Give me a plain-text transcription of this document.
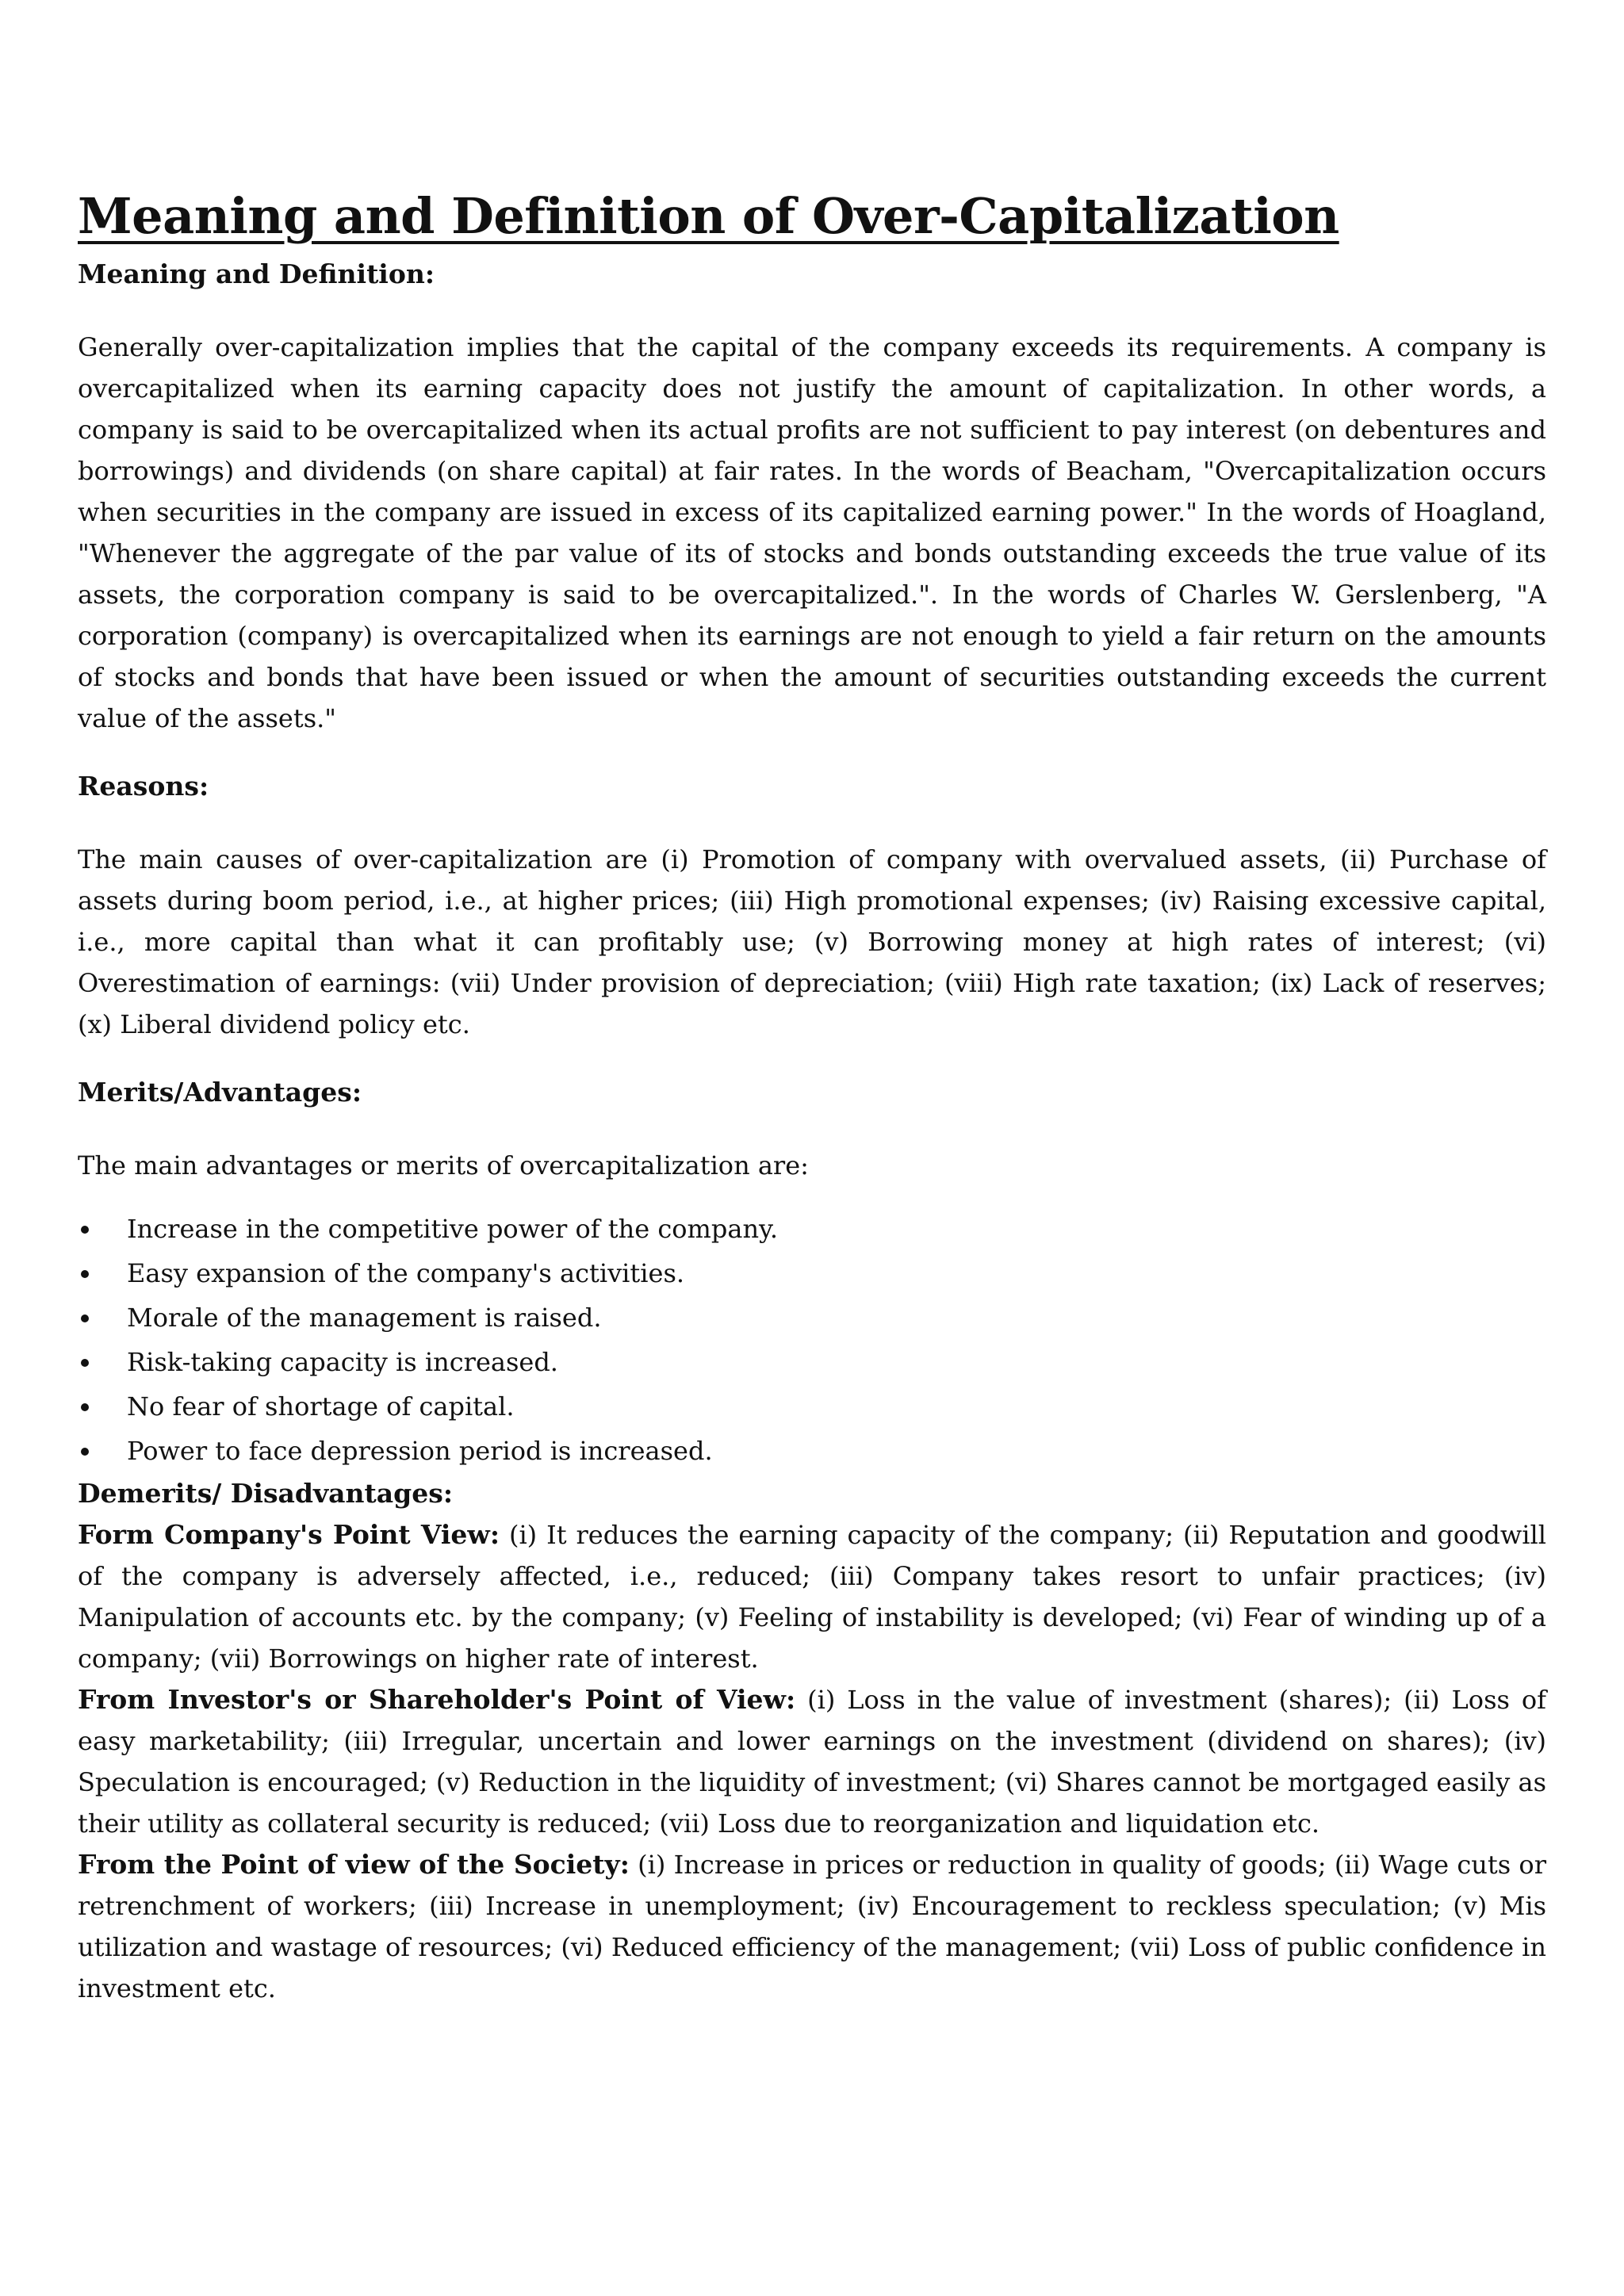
Meaning and Definition of Over-Capitalization
Meaning and Definition:

Generally over-capitalization implies that the capital of the company exceeds its requirements. A company is overcapitalized when its earning capacity does not justify the amount of capitalization. In other words, a company is said to be overcapitalized when its actual profits are not sufficient to pay interest (on debentures and borrowings) and dividends (on share capital) at fair rates. In the words of Beacham, "Overcapitalization occurs when securities in the company are issued in excess of its capitalized earning power." In the words of Hoagland, "Whenever the aggregate of the par value of its of stocks and bonds outstanding exceeds the true value of its assets, the corporation company is said to be overcapitalized.". In the words of Charles W. Gerslenberg, "A corporation (company) is overcapitalized when its earnings are not enough to yield a fair return on the amounts of stocks and bonds that have been issued or when the amount of securities outstanding exceeds the current value of the assets."

Reasons:

The main causes of over-capitalization are (i) Promotion of company with overvalued assets, (ii) Purchase of assets during boom period, i.e., at higher prices; (iii) High promotional expenses; (iv) Raising excessive capital, i.e., more capital than what it can profitably use; (v) Borrowing money at high rates of interest; (vi) Overestimation of earnings: (vii) Under provision of depreciation; (viii) High rate taxation; (ix) Lack of reserves; (x) Liberal dividend policy etc.

Merits/Advantages:

The main advantages or merits of overcapitalization are:

Increase in the competitive power of the company.
Easy expansion of the company's activities.
Morale of the management is raised.
Risk-taking capacity is increased.
No fear of shortage of capital.
Power to face depression period is increased.
Demerits/ Disadvantages:

Form Company's Point View: (i) It reduces the earning capacity of the company; (ii) Reputation and goodwill of the company is adversely affected, i.e., reduced; (iii) Company takes resort to unfair practices; (iv) Manipulation of accounts etc. by the company; (v) Feeling of instability is developed; (vi) Fear of winding up of a company; (vii) Borrowings on higher rate of interest.

From Investor's or Shareholder's Point of View: (i) Loss in the value of investment (shares); (ii) Loss of easy marketability; (iii) Irregular, uncertain and lower earnings on the investment (dividend on shares); (iv) Speculation is encouraged; (v) Reduction in the liquidity of investment; (vi) Shares cannot be mortgaged easily as their utility as collateral security is reduced; (vii) Loss due to reorganization and liquidation etc.

From the Point of view of the Society: (i) Increase in prices or reduction in quality of goods; (ii) Wage cuts or retrenchment of workers; (iii) Increase in unemployment; (iv) Encouragement to reckless speculation; (v) Mis utilization and wastage of resources; (vi) Reduced efficiency of the management; (vii) Loss of public confidence in investment etc.
